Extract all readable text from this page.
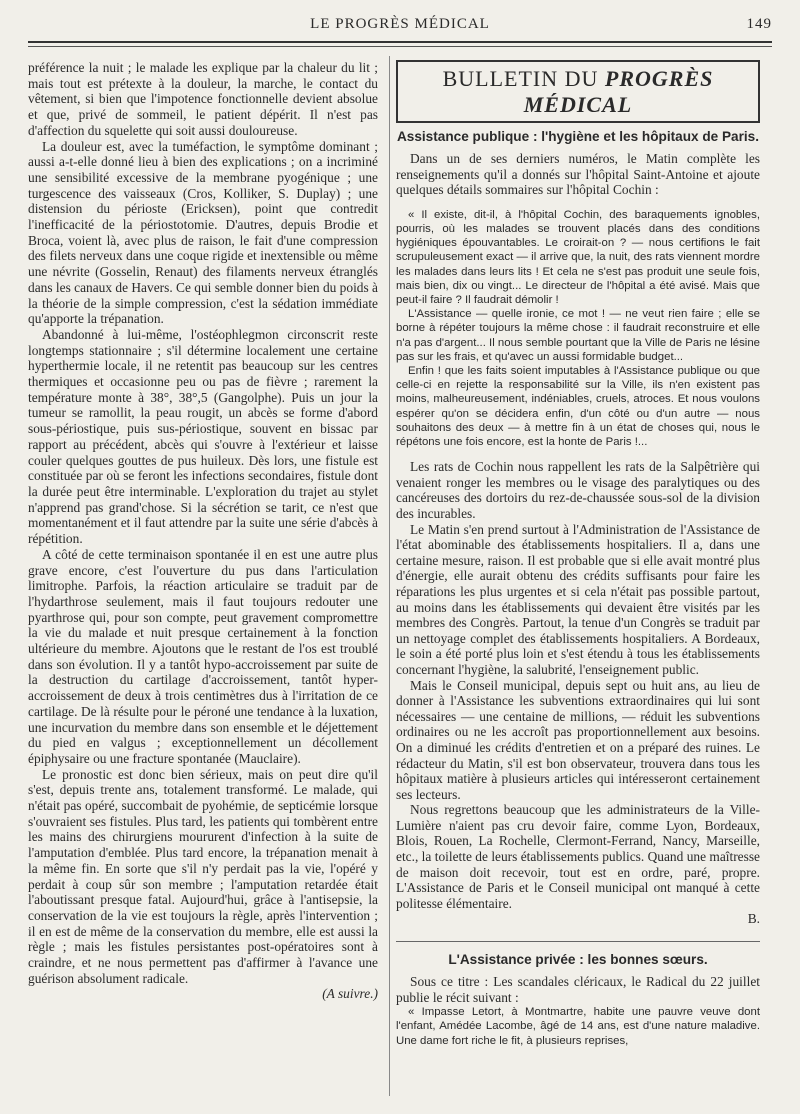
LE PROGRÈS MÉDICAL	149

préférence la nuit ; le malade les explique par la chaleur du lit ; mais tout est prétexte à la douleur, la marche, le contact du vêtement, si bien que l'impotence fonctionnelle devient absolue et que, privé de sommeil, le patient dépérit. Il n'est pas d'affection du squelette qui soit aussi douloureuse.

La douleur est, avec la tuméfaction, le symptôme dominant ; aussi a-t-elle donné lieu à bien des explications ; on a incriminé une sensibilité excessive de la membrane pyogénique ; une turgescence des vaisseaux (Cros, Kolliker, S. Duplay) ; une distension du périoste (Ericksen), point que contredit l'inefficacité de la périostotomie. D'autres, depuis Brodie et Broca, voient là, avec plus de raison, le fait d'une compression des filets nerveux dans une coque rigide et inextensible ou même une névrite (Gosselin, Renaut) des filaments nerveux étranglés dans les canaux de Havers. Ce qui semble donner bien du poids à la théorie de la simple compression, c'est la sédation immédiate qu'apporte la trépanation.

Abandonné à lui-même, l'ostéophlegmon circonscrit reste longtemps stationnaire ; s'il détermine localement une certaine hyperthermie locale, il ne retentit pas beaucoup sur les centres thermiques et occasionne peu ou pas de fièvre ; rarement la température monte à 38°, 38°,5 (Gangolphe). Puis un jour la tumeur se ramollit, la peau rougit, un abcès se forme d'abord sous-périostique, puis sus-périostique, souvent en bissac par rapport au précédent, abcès qui s'ouvre à l'extérieur et laisse couler quelques gouttes de pus huileux. Dès lors, une fistule est constituée par où se feront les infections secondaires, fistule dont la durée peut être interminable. L'exploration du trajet au stylet n'apprend pas grand'chose. Si la sécrétion se tarit, ce n'est que momentanément et il faut attendre par la suite une série d'abcès à répétition.

A côté de cette terminaison spontanée il en est une autre plus grave encore, c'est l'ouverture du pus dans l'articulation limitrophe. Parfois, la réaction articulaire se traduit par de l'hydarthrose seulement, mais il faut toujours redouter une pyarthrose qui, pour son compte, peut gravement compromettre la vie du malade et nuit presque certainement à la fonction ultérieure du membre. Ajoutons que le restant de l'os est troublé dans son évolution. Il y a tantôt hypo-accroissement par suite de la destruction du cartilage d'accroissement, tantôt hyper-accroissement de deux à trois centimètres dus à l'irritation de ce cartilage. De là résulte pour le péroné une tendance à la luxation, une incurvation du membre dans son ensemble et le déjettement du pied en valgus ; exceptionnellement un décollement épiphysaire ou une fracture spontanée (Mauclaire).

Le pronostic est donc bien sérieux, mais on peut dire qu'il s'est, depuis trente ans, totalement transformé. Le malade, qui n'était pas opéré, succombait de pyohémie, de septicémie lorsque s'ouvraient ses fistules. Plus tard, les patients qui tombèrent entre les mains des chirurgiens moururent d'infection à la suite de l'amputation d'emblée. Plus tard encore, la trépanation menait à la même fin. En sorte que s'il n'y perdait pas la vie, l'opéré y perdait à coup sûr son membre ; l'amputation retardée était l'aboutissant presque fatal. Aujourd'hui, grâce à l'antisepsie, la conservation de la vie est toujours la règle, après l'intervention ; il en est de même de la conservation du membre, elle est aussi la règle ; mais les fistules persistantes post-opératoires sont à craindre, et ne nous permettent pas d'affirmer à l'avance une guérison absolument radicale.

(A suivre.)

BULLETIN DU PROGRÈS MÉDICAL
Assistance publique : l'hygiène et les hôpitaux de Paris.

Dans un de ses derniers numéros, le Matin complète les renseignements qu'il a donnés sur l'hôpital Saint-Antoine et ajoute quelques détails sommaires sur l'hôpital Cochin :

« Il existe, dit-il, à l'hôpital Cochin, des baraquements ignobles, pourris, où les malades se trouvent placés dans des conditions hygiéniques épouvantables. Le croirait-on ? — nous certifions le fait scrupuleusement exact — il arrive que, la nuit, des rats viennent mordre les malades dans leurs lits ! Et cela ne s'est pas produit une seule fois, mais bien, dix ou vingt... Le directeur de l'hôpital a été avisé. Mais que peut-il faire ? Il faudrait démolir !

L'Assistance — quelle ironie, ce mot ! — ne veut rien faire ; elle se borne à répéter toujours la même chose : il faudrait reconstruire et elle n'a pas d'argent... Il nous semble pourtant que la Ville de Paris ne lésine pas sur les frais, et qu'avec un aussi formidable budget...

Enfin ! que les faits soient imputables à l'Assistance publique ou que celle-ci en rejette la responsabilité sur la Ville, ils n'en existent pas moins, malheureusement, indéniables, cruels, atroces. Et nous voulons espérer qu'on se décidera enfin, d'un côté ou d'un autre — nous souhaitons des deux — à mettre fin à un état de choses qui, nous le répétons une fois encore, est la honte de Paris !...

Les rats de Cochin nous rappellent les rats de la Salpêtrière qui venaient ronger les membres ou le visage des paralytiques ou des cancéreuses des dortoirs du rez-de-chaussée sous-sol de la division des incurables.

Le Matin s'en prend surtout à l'Administration de l'Assistance de l'état abominable des établissements hospitaliers. Il a, dans une certaine mesure, raison. Il est probable que si elle avait montré plus d'énergie, elle aurait obtenu des crédits suffisants pour faire les réparations les plus urgentes et si cela n'était pas possible partout, au moins dans les établissements qui devaient être visités par les membres des Congrès. Partout, la tenue d'un Congrès se traduit par un nettoyage complet des établissements hospitaliers. A Bordeaux, le soin a été porté plus loin et s'est étendu à tous les établissements concernant l'hygiène, la salubrité, l'enseignement public.

Mais le Conseil municipal, depuis sept ou huit ans, au lieu de donner à l'Assistance les subventions extraordinaires qui lui sont nécessaires — une centaine de millions, — réduit les subventions ordinaires ou ne les accroît pas proportionnellement aux besoins. On a diminué les crédits d'entretien et on a préparé des ruines. Le rédacteur du Matin, s'il est bon observateur, trouvera dans tous les hôpitaux matière à plusieurs articles qui intéresseront certainement ses lecteurs.

Nous regrettons beaucoup que les administrateurs de la Ville-Lumière n'aient pas cru devoir faire, comme Lyon, Bordeaux, Blois, Rouen, La Rochelle, Clermont-Ferrand, Nancy, Marseille, etc., la toilette de leurs établissements publics. Quand une maîtresse de maison doit recevoir, tout est en ordre, paré, propre. L'Assistance de Paris et le Conseil municipal ont manqué à cette politesse élémentaire.

B.

L'Assistance privée : les bonnes sœurs.

Sous ce titre : Les scandales cléricaux, le Radical du 22 juillet publie le récit suivant :

« Impasse Letort, à Montmartre, habite une pauvre veuve dont l'enfant, Amédée Lacombe, âgé de 14 ans, est d'une nature maladive. Une dame fort riche le fit, à plusieurs reprises,
